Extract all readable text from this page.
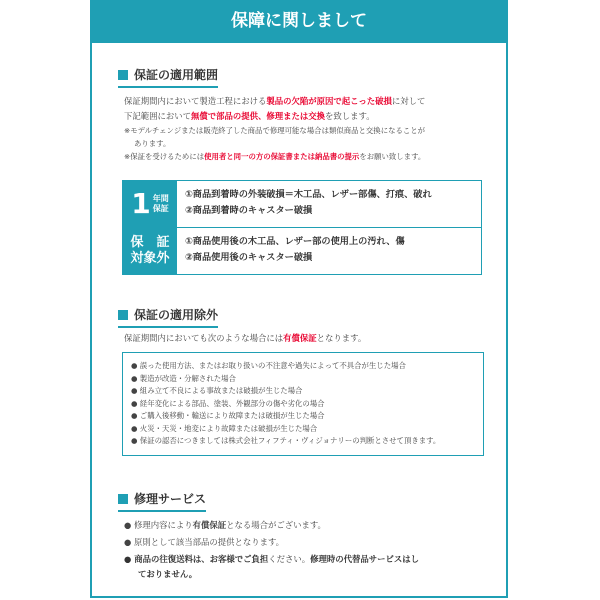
保障に関しまして
保証の適用範囲
保証期間内において製造工程における製品の欠陥が原因で起こった破損に対して
下記範囲において無償で部品の提供、修理または交換を致します。
※モデルチェンジまたは販売終了した商品で修理可能な場合は類似商品と交換になることが
あります。
※保証を受けるためには使用者と同一の方の保証書または納品書の提示をお願い致します。
1 年間
保証
①商品到着時の外装破損＝木工品、レザー部傷、打痕、破れ
②商品到着時のキャスター破損
保　証
対象外
①商品使用後の木工品、レザー部の使用上の汚れ、傷
②商品使用後のキャスター破損
保証の適用除外
保証期間内においても次のような場合には有償保証となります。
● 誤った使用方法、またはお取り扱いの不注意や過失によって不具合が生じた場合
● 製造が改造・分解された場合
● 組み立て不良による事故または破損が生じた場合
● 経年変化による部品、塗装、外観部分の傷や劣化の場合
● ご購入後移動・輸送により故障または破損が生じた場合
● 火災・天災・地変により故障または破損が生じた場合
● 保証の認否につきましては株式会社フィフティ・ヴィジョナリーの判断とさせて頂きます。
修理サービス
● 修理内容により有償保証となる場合がございます。
● 原則として該当部品の提供となります。
● 商品の往復送料は、お客様でご負担ください。修理時の代替品サービスはし
ておりません。
